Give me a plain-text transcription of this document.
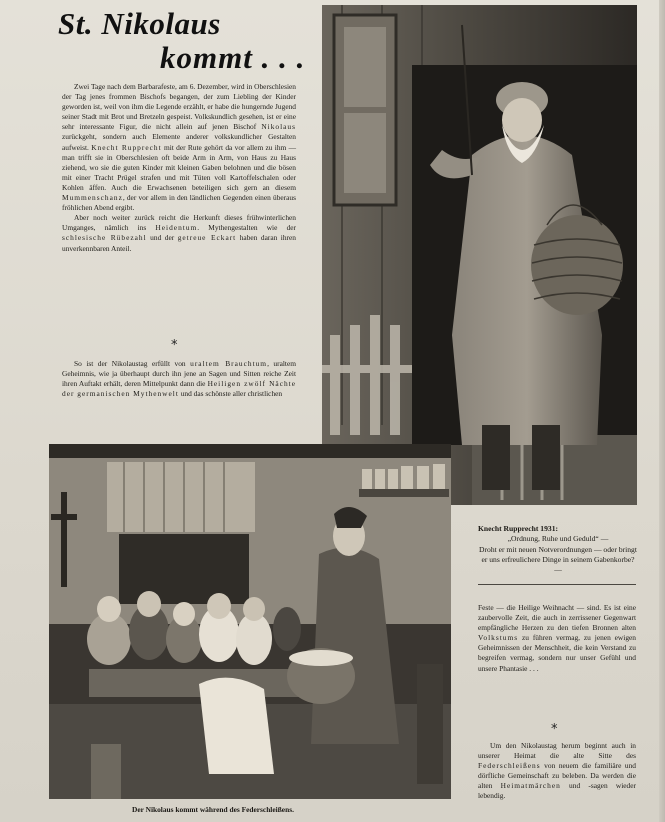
St. Nikolaus
kommt . . .

Zwei Tage nach dem Barbarafeste, am 6. Dezember, wird in Oberschlesien der Tag jenes frommen Bischofs begangen, der zum Liebling der Kinder geworden ist, weil von ihm die Legende erzählt, er habe die hungernde Jugend seiner Stadt mit Brot und Bretzeln gespeist. Volkskundlich gesehen, ist er eine sehr interessante Figur, die nicht allein auf jenen Bischof Nikolaus zurückgeht, sondern auch Elemente anderer volkskundlicher Gestalten aufweist. Knecht Rupprecht mit der Rute gehört da vor allem zu ihm — man trifft sie in Oberschlesien oft beide Arm in Arm, von Haus zu Haus ziehend, wo sie die guten Kinder mit kleinen Gaben belohnen und die bösen mit einer Tracht Prügel strafen und mit Tüten voll Kartoffelschalen oder Kohlen äffen. Auch die Erwachsenen beteiligen sich gern an diesem Mummenschanz, der vor allem in den ländlichen Gegenden einen überaus fröhlichen Abend ergibt.

Aber noch weiter zurück reicht die Herkunft dieses frühwinterlichen Umganges, nämlich ins Heidentum. Mythengestalten wie der schlesische Rübezahl und der getreue Eckart haben daran ihren unverkennbaren Anteil.

*

So ist der Nikolaustag erfüllt von uraltem Brauchtum, uraltem Geheimnis, wie ja überhaupt durch ihn jene an Sagen und Sitten reiche Zeit ihren Auftakt erhält, deren Mittelpunkt dann die Heiligen zwölf Nächte der germanischen Mythenwelt und das schönste aller christlichen

Knecht Rupprecht 1931:
„Ordnung, Ruhe und Geduld“ —
Droht er mit neuen Notverordnungen — oder bringt er uns erfreulichere Dinge in seinem Gabenkorbe? —

Feste — die Heilige Weihnacht — sind. Es ist eine zaubervolle Zeit, die auch in zerrissener Gegenwart empfängliche Herzen zu den tiefen Bronnen alten Volkstums zu führen vermag, zu jenen ewigen Geheimnissen der Menschheit, die kein Verstand zu begreifen vermag, sondern nur unser Gefühl und unsere Phantasie . . .

*

Um den Nikolaustag herum beginnt auch in unserer Heimat die alte Sitte des Federschleißens von neuem die familiäre und dörfliche Gemeinschaft zu beleben. Da werden die alten Heimatmärchen und -sagen wieder lebendig.

Der Nikolaus kommt während des Federschleißens.
